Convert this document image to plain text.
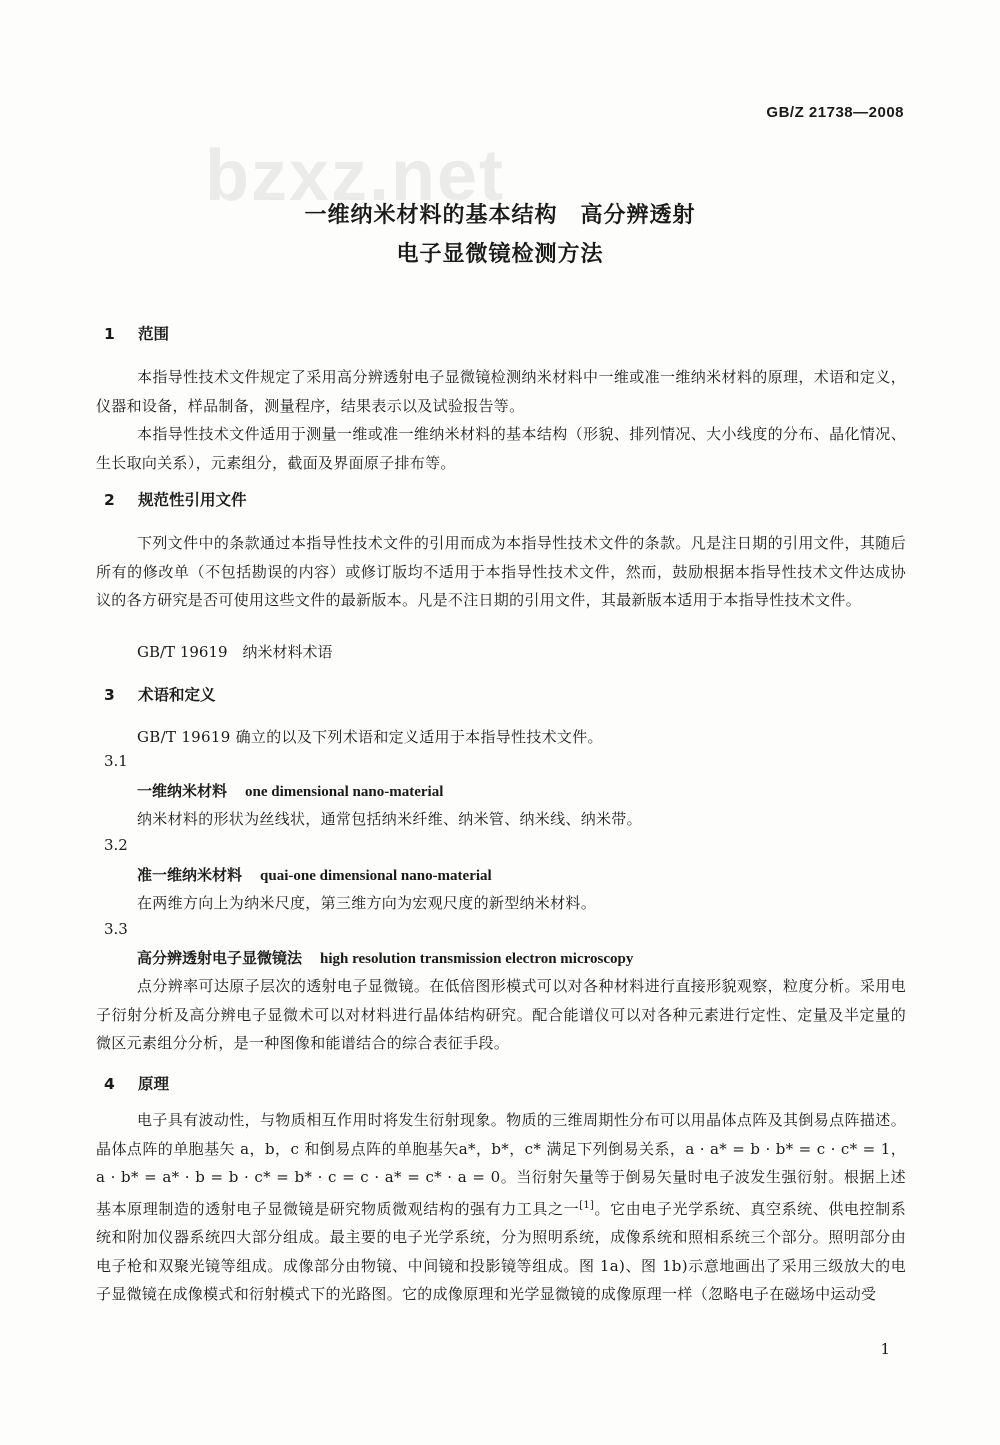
GB/Z 21738—2008
bzxz.net
一维纳米材料的基本结构　高分辨透射
电子显微镜检测方法
1 范围
本指导性技术文件规定了采用高分辨透射电子显微镜检测纳米材料中一维或准一维纳米材料的原理，术语和定义，仪器和设备，样品制备，测量程序，结果表示以及试验报告等。
本指导性技术文件适用于测量一维或准一维纳米材料的基本结构（形貌、排列情况、大小线度的分布、晶化情况、生长取向关系），元素组分，截面及界面原子排布等。
2 规范性引用文件
下列文件中的条款通过本指导性技术文件的引用而成为本指导性技术文件的条款。凡是注日期的引用文件，其随后所有的修改单（不包括勘误的内容）或修订版均不适用于本指导性技术文件，然而，鼓励根据本指导性技术文件达成协议的各方研究是否可使用这些文件的最新版本。凡是不注日期的引用文件，其最新版本适用于本指导性技术文件。
GB/T 19619　纳米材料术语
3 术语和定义
GB/T 19619 确立的以及下列术语和定义适用于本指导性技术文件。
3.1
一维纳米材料 one dimensional nano-material
纳米材料的形状为丝线状，通常包括纳米纤维、纳米管、纳米线、纳米带。
3.2
准一维纳米材料 quai-one dimensional nano-material
在两维方向上为纳米尺度，第三维方向为宏观尺度的新型纳米材料。
3.3
高分辨透射电子显微镜法 high resolution transmission electron microscopy
点分辨率可达原子层次的透射电子显微镜。在低倍图形模式可以对各种材料进行直接形貌观察，粒度分析。采用电子衍射分析及高分辨电子显微术可以对材料进行晶体结构研究。配合能谱仪可以对各种元素进行定性、定量及半定量的微区元素组分分析，是一种图像和能谱结合的综合表征手段。
4 原理
电子具有波动性，与物质相互作用时将发生衍射现象。物质的三维周期性分布可以用晶体点阵及其倒易点阵描述。晶体点阵的单胞基矢 a，b，c 和倒易点阵的单胞基矢a*，b*，c* 满足下列倒易关系，a · a* = b · b* = c · c* = 1，a · b* = a* · b = b · c* = b* · c = c · a* = c* · a = 0。当衍射矢量等于倒易矢量时电子波发生强衍射。根据上述基本原理制造的透射电子显微镜是研究物质微观结构的强有力工具之一[1]。它由电子光学系统、真空系统、供电控制系统和附加仪器系统四大部分组成。最主要的电子光学系统，分为照明系统，成像系统和照相系统三个部分。照明部分由电子枪和双聚光镜等组成。成像部分由物镜、中间镜和投影镜等组成。图 1a)、图 1b)示意地画出了采用三级放大的电子显微镜在成像模式和衍射模式下的光路图。它的成像原理和光学显微镜的成像原理一样（忽略电子在磁场中运动受
1
